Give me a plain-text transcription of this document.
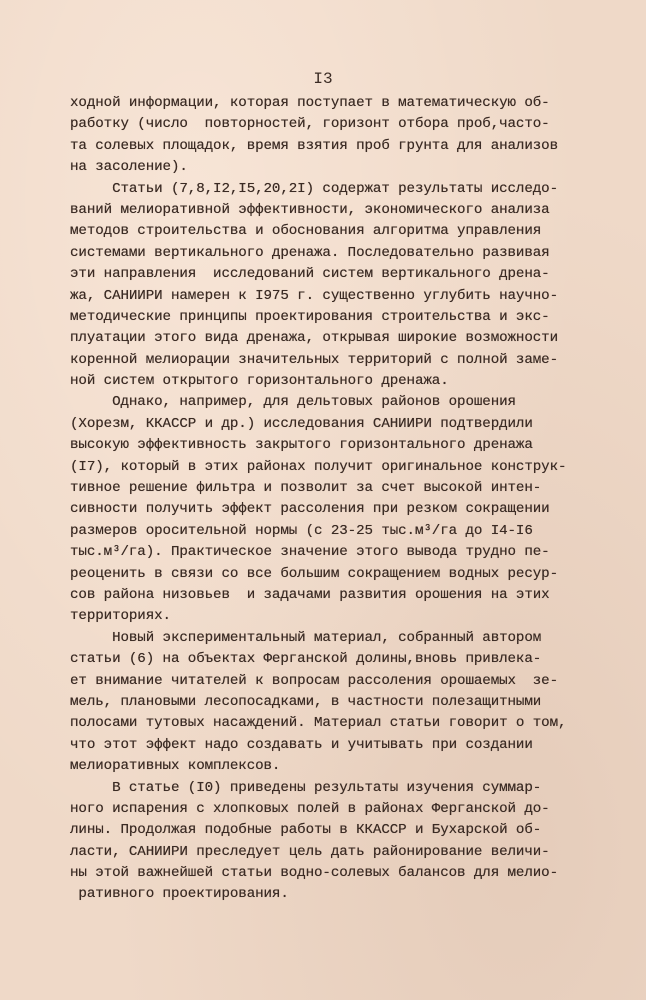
I3
ходной информации, которая поступает в математическую об-
работку (число  повторностей, горизонт отбора проб,часто-
та солевых площадок, время взятия проб грунта для анализов
на засоление).
Статьи (7,8,I2,I5,20,2I) содержат результаты исследо-
ваний мелиоративной эффективности, экономического анализа
методов строительства и обоснования алгоритма управления
системами вертикального дренажа. Последовательно развивая
эти направления  исследований систем вертикального дрена-
жа, САНИИРИ намерен к I975 г. существенно углубить научно-
методические принципы проектирования строительства и экс-
плуатации этого вида дренажа, открывая широкие возможности
коренной мелиорации значительных территорий с полной заме-
ной систем открытого горизонтального дренажа.
Однако, например, для дельтовых районов орошения
(Хорезм, ККАССР и др.) исследования САНИИРИ подтвердили
высокую эффективность закрытого горизонтального дренажа
(I7), который в этих районах получит оригинальное конструк-
тивное решение фильтра и позволит за счет высокой интен-
сивности получить эффект рассоления при резком сокращении
размеров оросительной нормы (с 23-25 тыс.м³/га до I4-I6
тыс.м³/га). Практическое значение этого вывода трудно пе-
реоценить в связи со все большим сокращением водных ресур-
сов района низовьев  и задачами развития орошения на этих
территориях.
Новый экспериментальный материал, собранный автором
статьи (6) на объектах Ферганской долины,вновь привлека-
ет внимание читателей к вопросам рассоления орошаемых  зе-
мель, плановыми лесопосадками, в частности полезащитными
полосами тутовых насаждений. Материал статьи говорит о том,
что этот эффект надо создавать и учитывать при создании
мелиоративных комплексов.
В статье (I0) приведены результаты изучения суммар-
ного испарения с хлопковых полей в районах Ферганской до-
лины. Продолжая подобные работы в ККАССР и Бухарской об-
ласти, САНИИРИ преследует цель дать районирование величи-
ны этой важнейшей статьи водно-солевых балансов для мелио-
ративного проектирования.
